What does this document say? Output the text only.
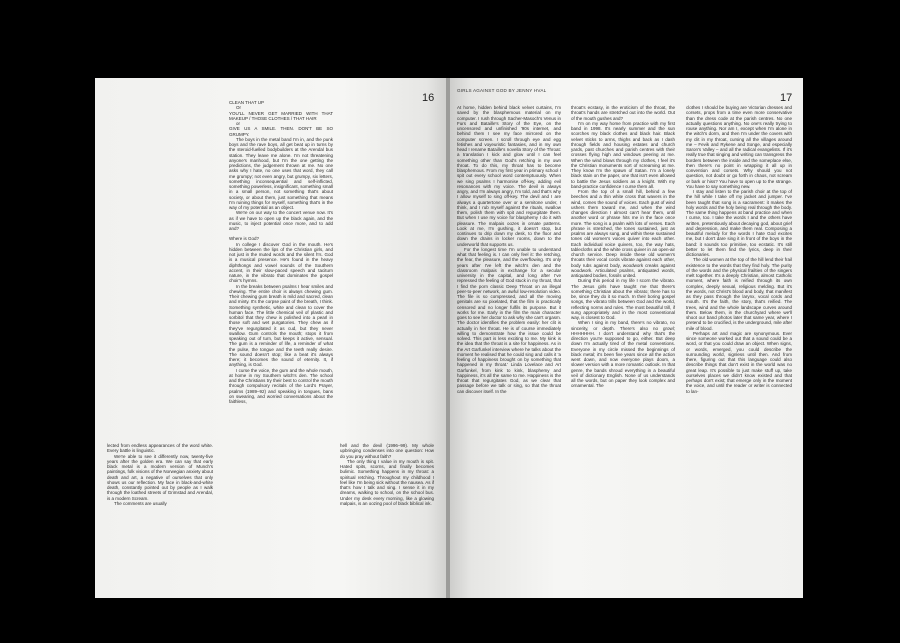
16

CLEAN THAT UP

Or

YOU'LL NEVER GET MARRIED WITH THAT MAKEUP / THOSE CLOTHES / THAT HAIR

or

GIVE US A SMILE. THEN. DON'T BE SO GRUMPY.

The boys in the metal band I'm in, and the punk boys and the rave boys, all get beat up in turns by the steroid-fuelled bodybuilders at the Arendal bus station. They leave me alone. I'm not threatening anyone's manhood, but I'm the one getting the predictions, the judgement thrown at me. No one asks why I hate, no one uses that word, they call me grumpy; not even angry, but grumpy, six letters, something inconsequential and self-inflicted, something powerless, insignificant, something small in a small person, not something that's about society, or about them, just something that means I'm ruining things for myself, something that's in the way of my potential as an object.

We're on our way to the concert venue now. It's as if we have to open up the black again, and the music, to inject potential once more, and to add and?

Where is God?

In college I discover God in the mouth. He's hidden between the lips of the Christian girls, and not just in the muted words and the silent h's. God is a musical presence. He's found in the heavy diphthongs and vowel sounds of the Southern accent, in their slow-paced speech and taciturn nature, in the vibrato that dominates the gospel choir's hymns.

In the breaks between psalms I hear smiles and chewing. The entire choir is always chewing gum. Their chewing gum breath is mild and sacred, clean and minty. It's the corpse paint of the breath, I think. Something synthetic, white and clean to cover the human face. The little chemical veil of plastic and sorbitol that they chew is polished into a pearl in those soft and wet purgatories. They chew as if they've regurgitated it as cud, but they never swallow. Gum controls the mouth; stops it from speaking out of turn, but keeps it active, sensual. The gum is a reminder of life, a reminder of what the pulse, the tongue and the teeth really desire. The sound doesn't stop; like a beat it's always there; it becomes the sound of eternity. It, if anything, is God.

I curse the voice, the gum and the whole mouth, at home in my Southern witch's den. The school and the Christians try their best to control the mouth through compulsory recitals of the Lord's Prayer, psalms (1989–92) and speaking in tongues, bans on swearing, and worried conversations about the faithless,

lected from endless appearances of the word white. Every battle is linguistic.

We're able to see it differently now, twenty-five years after the golden era. We can say that early black metal is a modern version of Munch's paintings, folk visions of the Norwegian anxiety about death and art, a negative of ourselves that only shows us our reflection. My face in black-and-white death, constantly pointed out by people as I walk through the loathed streets of Grimstad and Arendal, is a modern Scream.

The comments are usually

hell and the devil (1996–99). My whole upbringing condenses into one question: How do you pray without faith?

The only thing I value in my mouth is spit. Hated spits, scorns, and finally becomes bulimic. Something happens in my throat: a spiritual retching. Throughout my childhood I feel like I'm being sick without the nausea. As if that's how I talk and sing. I sense it in my dreams, walking to school, on the school bus. Under my desk every morning, like a glowing malpais, is an oozing pool of black biblical ink.

GIRLS AGAINST GOD BY JENNY HVAL
17

At home, hidden behind black velvet curtains, I'm saved by the blasphemous material on my computer. I rush through Sacher-Masoch's Venus in Furs and Bataille's Story of the Eye, on the uncensored and unfinished '90s internet, and behind them I see my face mirrored on the computer screen. I scroll through eye and egg fetishes and voyeuristic fantasies, and in my own head I rename Bataille's novella Story of the Throat: a translation I kick and glow until I can feel something other than God's retching in my own throat. To do this, my throat has to become blasphemous. From my first year in primary school I spit out every school word contemptuously. When we sing psalms I harmonise off-key, adding evil resonances with my voice. The devil is always angry, and I'm always angry, I'm told, and that's why I allow myself to sing off-key. The devil and I are always a quartertone over or a semitone under, I think, and I rub myself against the rituals, swallow them, polish them with spit and regurgitate them. But when I use my voice for blasphemy I do it with pleasure. The malpais oozes in ornate patterns. Look at me, I'm gushing, it doesn't stop, but continues to drip down my desk, to the floor and down the drains in locker rooms, down to the underworld that supports us.

For the longest time I'm unable to understand what that feeling is. I can only feel it: the retching, the fear, the pleasure, and the overflowing. It's only years after I've left the witch's den and the classroom malpais in exchange for a secular university in the capital, and long after I've repressed the feeling of God stuck in my throat, that I find the porn classic Deep Throat on an illegal peer-to-peer network, an awful low-resolution video. The file is so compressed, and all the moving genitals are so pixelated, that the film is practically censored and no longer fulfils its purpose. But it works for me. Early in the film the main character goes to see her doctor to ask why she can't orgasm. The doctor identifies the problem easily: her clit is actually in her throat. He is of course immediately willing to demonstrate how the issue could be solved. This part is less exciting to me. My kink is the idea that the throat is a site for happiness. As in the Art Garfunkel interview where he talks about the moment he realised that he could sing and calls it 'a feeling of happiness brought on by something that happened in my throat.' Linda Lovelace and Art Garfunkel, from kink to kink, blasphemy and happiness, it's all the same to me. Happiness is the throat that regurgitates God, as we clear that passage before we talk or sing, so that the throat can discover itself. In the

throat's ecstasy, in the eroticism of the throat, the throat's hands are stretched out into the world. Out of the mouth gushes and?

I'm on my way home from practice with my first band in 1998. It's nearly summer and the sun scorches my black clothes and black hair. Black velvet sticks to arms, thighs and back as I dash through fields and housing estates and church yards, past churches and parish centres with their crosses flying high and windows peering at me. When the wind blows through my clothes, I feel it's the Christian monuments sort of screaming at me. They know I'm the spawn of Satan. I'm a lonely black stain on the paper, one that isn't even allowed to battle the Jesus soldiers as a knight. With my band-practice confidence I curse them all.

From the top of a small hill, behind a few beeches and a thin white cross that wavers in the wind, comes the sound of voices. Each gust of wind ushers them toward me, and when the wind changes direction I almost can't hear them, until another word or phrase hits me in the face once more. The song is a psalm with lots of verses. Each phrase is stretched, the tones sustained, just as psalms are always sung, and within these sustained tones old women's voices quiver into each other. Each individual voice quivers, too, the way hats, tablecloths and the white cross quiver in an open-air church service. Deep inside these old women's throats their vocal cords vibrate against each other, body rubs against body, woodwork creaks against woodwork. Articulated psalms, antiquated words, antiquated bodies, fossils united.

During this period in my life I scorn the vibrato. The Jesus girls have taught me that there's something Christian about the vibrato; there has to be, since they do it so much. In their boring gospel songs, the vibrato trills between God and the world, reflecting norms and rules. The most beautiful trill, if sung appropriately and in the most conventional way, is closest to God.

When I sing in my band, there's no vibrato, no sincerity, or depth. There's also no growl; HHHHHHH. I don't understand why that's the direction you're supposed to go, either. But deep down I'm actually tired of the metal conventions. Everyone in my circle missed the beginnings of black metal; it's been five years since all the action went down, and now everyone plays doom, a slower version with a more romantic outlook. In that genre, the bands shroud everything in a beautiful veil of dictionary English. None of us understands all the words, but on paper they look complex and ornamental. The

clothes I should be buying are Victorian dresses and corsets, props from a time even more conservative than the dress code at the parish centres. No one actually questions anything. No one's really trying to rouse anything. Nor am I, except when I'm alone in the witch's dorm, and then I'm under the covers with my clit in my throat, cursing all the villages around me – Fevik and Rykene and Songe, and especially Saron's Valley – and all the radical evangelists. If it's really true that singing and writing can transgress the borders between the inside and the someplace else, then there's no point in wrapping it all up in convention and corsets. Why should you not question, not doubt or go forth in chaos, not scream or bark or hiss? You have to open up to the strange. You have to say something new.

I stay and listen to the parish choir at the top of the hill while I take off my jacket and jumper. I've been taught that song is a sacrament: it makes the holy words and the holy being real through the body. The same thing happens at band practice and when I curse, too. I take the words I and the others have written, pretentiously about decaying god, about grief and depression, and make them real. Composing a beautiful melody for the words I hate God excites me, but I don't dare sing it in front of the boys in the band: it sounds too primitive, too ecstatic. It's still better to let them find the lyrics, deep in their dictionaries.

The old women at the top of the hill lend their frail existence to the words that they find holy. The purity of the words and the physical frailties of the singers melt together. It's a deeply Christian, almost Catholic moment, where faith is reified through its own complex, deeply sexual, religious melding. But it's the words, not Christ's blood and body, that manifest as they pass through the larynx, vocal cords and mouth. It's the faith, the story, that's reified. The trees, wind and the whole landscape curves around them. Below them, in the churchyard where we'll shoot our band photos later that same year, where I pretend to be crucified, is the underground, mile after mile of blood.

Perhaps art and magic are synonymous. Ever since someone worked out that a sound could be a word, or that you could draw an object. When signs, or words, emerged, you could describe the surrounding world, signless until then. And from there, figuring out that this language could also describe things that don't exist in the world was no great leap. It's possible to just make stuff up, take ourselves places we didn't know existed and that perhaps don't exist; that emerge only in the moment the voice, and until the reader or writer is connected to lan-
